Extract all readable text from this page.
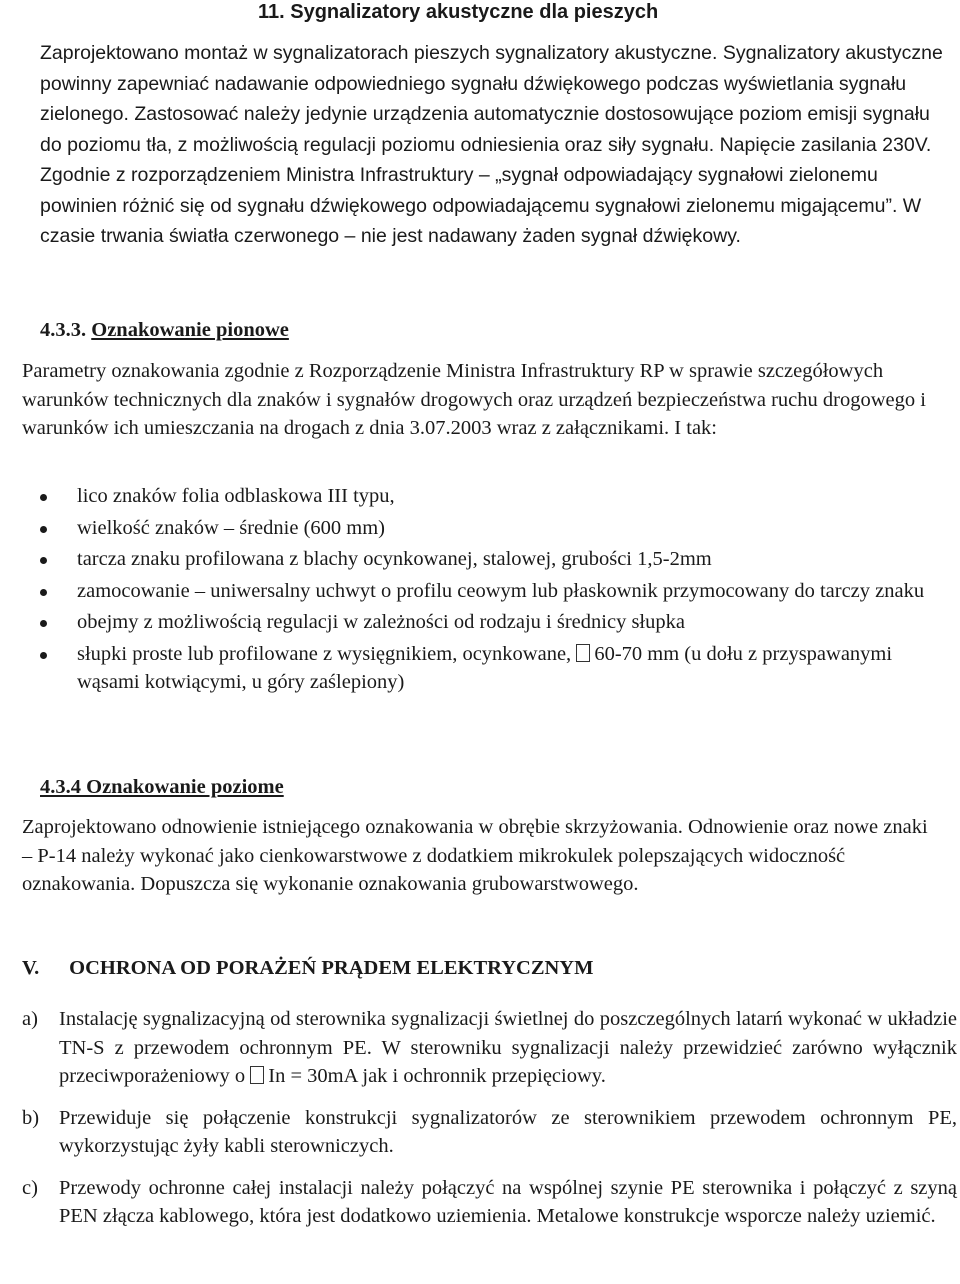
11. Sygnalizatory akustyczne dla pieszych

Zaprojektowano montaż w sygnalizatorach pieszych sygnalizatory akustyczne. Sygnalizatory akustyczne powinny zapewniać nadawanie odpowiedniego sygnału dźwiękowego podczas wyświetlania sygnału zielonego. Zastosować należy jedynie urządzenia automatycznie dostosowujące poziom emisji sygnału do poziomu tła, z możliwością regulacji poziomu odniesienia oraz siły sygnału. Napięcie zasilania 230V. Zgodnie z rozporządzeniem Ministra Infrastruktury – „sygnał odpowiadający sygnałowi zielonemu powinien różnić się od sygnału dźwiękowego odpowiadającemu sygnałowi zielonemu migającemu”. W czasie trwania światła czerwonego – nie jest nadawany żaden sygnał dźwiękowy.

4.3.3. Oznakowanie pionowe

Parametry oznakowania zgodnie z Rozporządzenie Ministra Infrastruktury RP w sprawie szczegółowych warunków technicznych dla znaków i sygnałów drogowych oraz urządzeń bezpieczeństwa ruchu drogowego i warunków ich umieszczania na drogach z dnia 3.07.2003 wraz z załącznikami. I tak:

lico znaków folia odblaskowa III typu,
wielkość znaków – średnie (600 mm)
tarcza znaku profilowana z blachy ocynkowanej, stalowej, grubości 1,5-2mm
zamocowanie – uniwersalny uchwyt o profilu ceowym lub płaskownik przymocowany do tarczy znaku
obejmy z możliwością regulacji w zależności od rodzaju i średnicy słupka
słupki proste lub profilowane z wysięgnikiem, ocynkowane, 60-70 mm (u dołu z przyspawanymi wąsami kotwiącymi, u góry zaślepiony)
4.3.4 Oznakowanie poziome

Zaprojektowano odnowienie istniejącego oznakowania w obrębie skrzyżowania. Odnowienie oraz nowe znaki – P-14 należy wykonać jako cienkowarstwowe z dodatkiem mikrokulek polepszających widoczność oznakowania. Dopuszcza się wykonanie oznakowania grubowarstwowego.

V. OCHRONA OD PORAŻEŃ PRĄDEM ELEKTRYCZNYM
a) Instalację sygnalizacyjną od sterownika sygnalizacji świetlnej do poszczególnych latarń wykonać w układzie TN-S z przewodem ochronnym PE. W sterowniku sygnalizacji należy przewidzieć zarówno wyłącznik przeciwporażeniowy o In = 30mA jak i ochronnik przepięciowy.
b) Przewiduje się połączenie konstrukcji sygnalizatorów ze sterownikiem przewodem ochronnym PE, wykorzystując żyły kabli sterowniczych.
c) Przewody ochronne całej instalacji należy połączyć na wspólnej szynie PE sterownika i połączyć z szyną PEN złącza kablowego, która jest dodatkowo uziemienia. Metalowe konstrukcje wsporcze należy uziemić.
